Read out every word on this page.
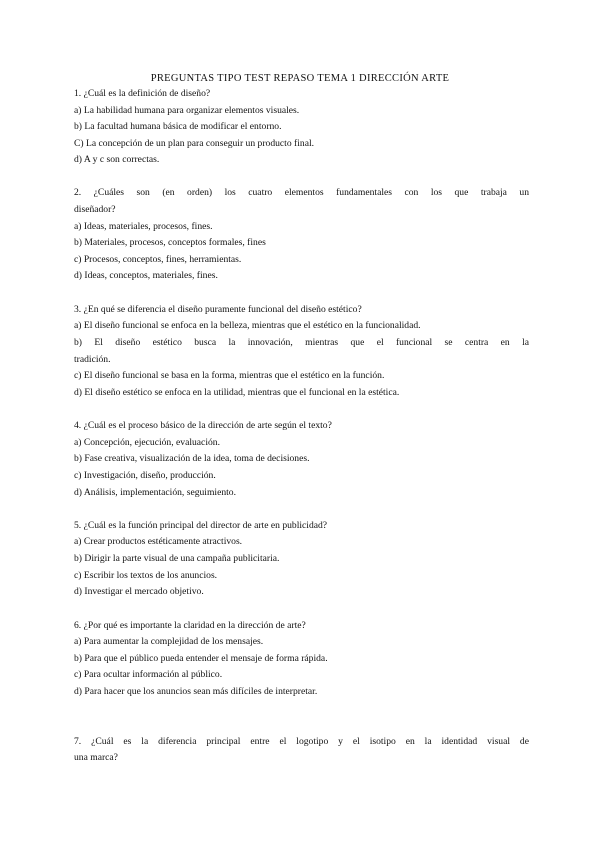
PREGUNTAS TIPO TEST REPASO TEMA 1 DIRECCIÓN ARTE
1. ¿Cuál es la definición de diseño?
a) La habilidad humana para organizar elementos visuales.
b) La facultad humana básica de modificar el entorno.
C) La concepción de un plan para conseguir un producto final.
d) A y c son correctas.
2. ¿Cuáles son (en orden) los cuatro elementos fundamentales con los que trabaja un
diseñador?
a) Ideas, materiales, procesos, fines.
b) Materiales, procesos, conceptos formales, fines
c) Procesos, conceptos, fines, herramientas.
d) Ideas, conceptos, materiales, fines.
3. ¿En qué se diferencia el diseño puramente funcional del diseño estético?
a) El diseño funcional se enfoca en la belleza, mientras que el estético en la funcionalidad.
b) El diseño estético busca la innovación, mientras que el funcional se centra en la
tradición.
c) El diseño funcional se basa en la forma, mientras que el estético en la función.
d) El diseño estético se enfoca en la utilidad, mientras que el funcional en la estética.
4. ¿Cuál es el proceso básico de la dirección de arte según el texto?
a) Concepción, ejecución, evaluación.
b) Fase creativa, visualización de la idea, toma de decisiones.
c) Investigación, diseño, producción.
d) Análisis, implementación, seguimiento.
5. ¿Cuál es la función principal del director de arte en publicidad?
a) Crear productos estéticamente atractivos.
b) Dirigir la parte visual de una campaña publicitaria.
c) Escribir los textos de los anuncios.
d) Investigar el mercado objetivo.
6. ¿Por qué es importante la claridad en la dirección de arte?
a) Para aumentar la complejidad de los mensajes.
b) Para que el público pueda entender el mensaje de forma rápida.
c) Para ocultar información al público.
d) Para hacer que los anuncios sean más difíciles de interpretar.
7. ¿Cuál es la diferencia principal entre el logotipo y el isotipo en la identidad visual de
una marca?
